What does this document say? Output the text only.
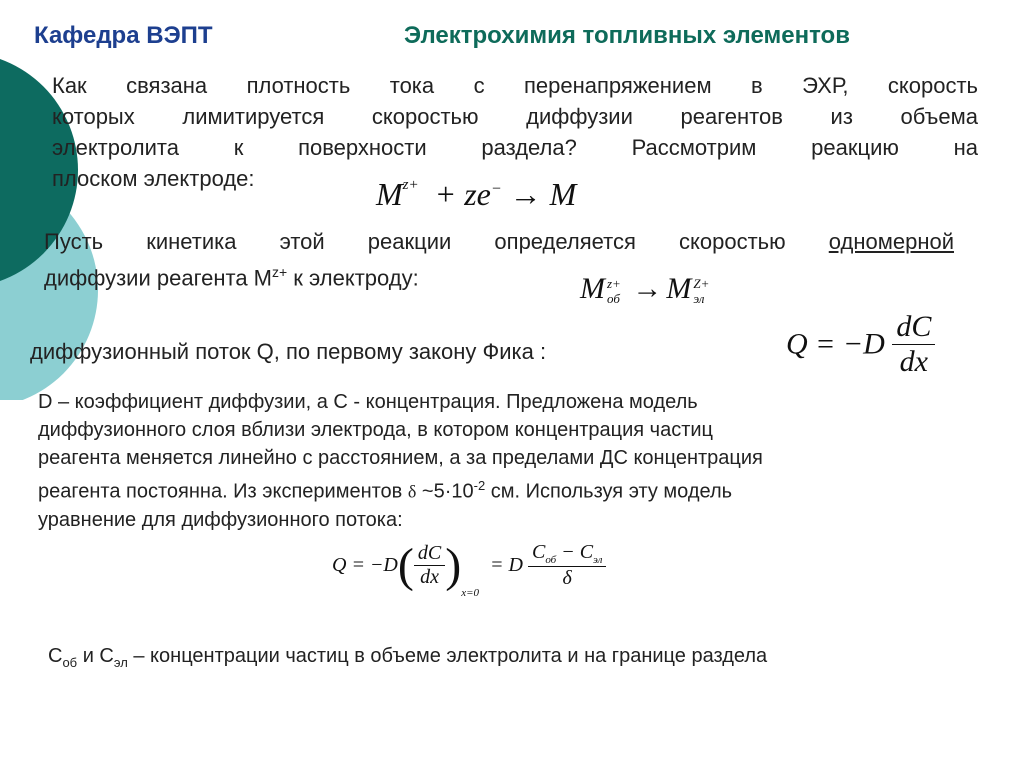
Кафедра ВЭПТ	Электрохимия топливных элементов
Как связана плотность тока с перенапряжением в ЭХР, скорость
которых лимитируется скоростью диффузии реагентов из объема
электролита к поверхности раздела? Рассмотрим реакцию на
плоском электроде:	$M^{z+} + ze^- \to M$
Пусть кинетика этой реакции определяется скоростью одномерной
диффузии реагента $M^{z+}$ к электроду:	M z+
об → M Z+
эл
диффузионный поток Q, по первому закону Фика :	$Q = -D \frac{dC}{dx}$
D – коэффициент диффузии, а C - концентрация. Предложена модель
диффузионного слоя вблизи электрода, в котором концентрация частиц
реагента меняется линейно с расстоянием, а за пределами ДС концентрация
реагента постоянна. Из экспериментов δ $\sim 5\cdot 10^{-2}$ см. Используя эту модель
уравнение для диффузионного потока:
$Q = -D( \frac{dC}{dx} )_{x=0} = D \frac{C_{об} - C_{эл}}{\delta}$
$C_{об}$ и $C_{эл}$ – концентрации частиц в объеме электролита и на границе раздела
